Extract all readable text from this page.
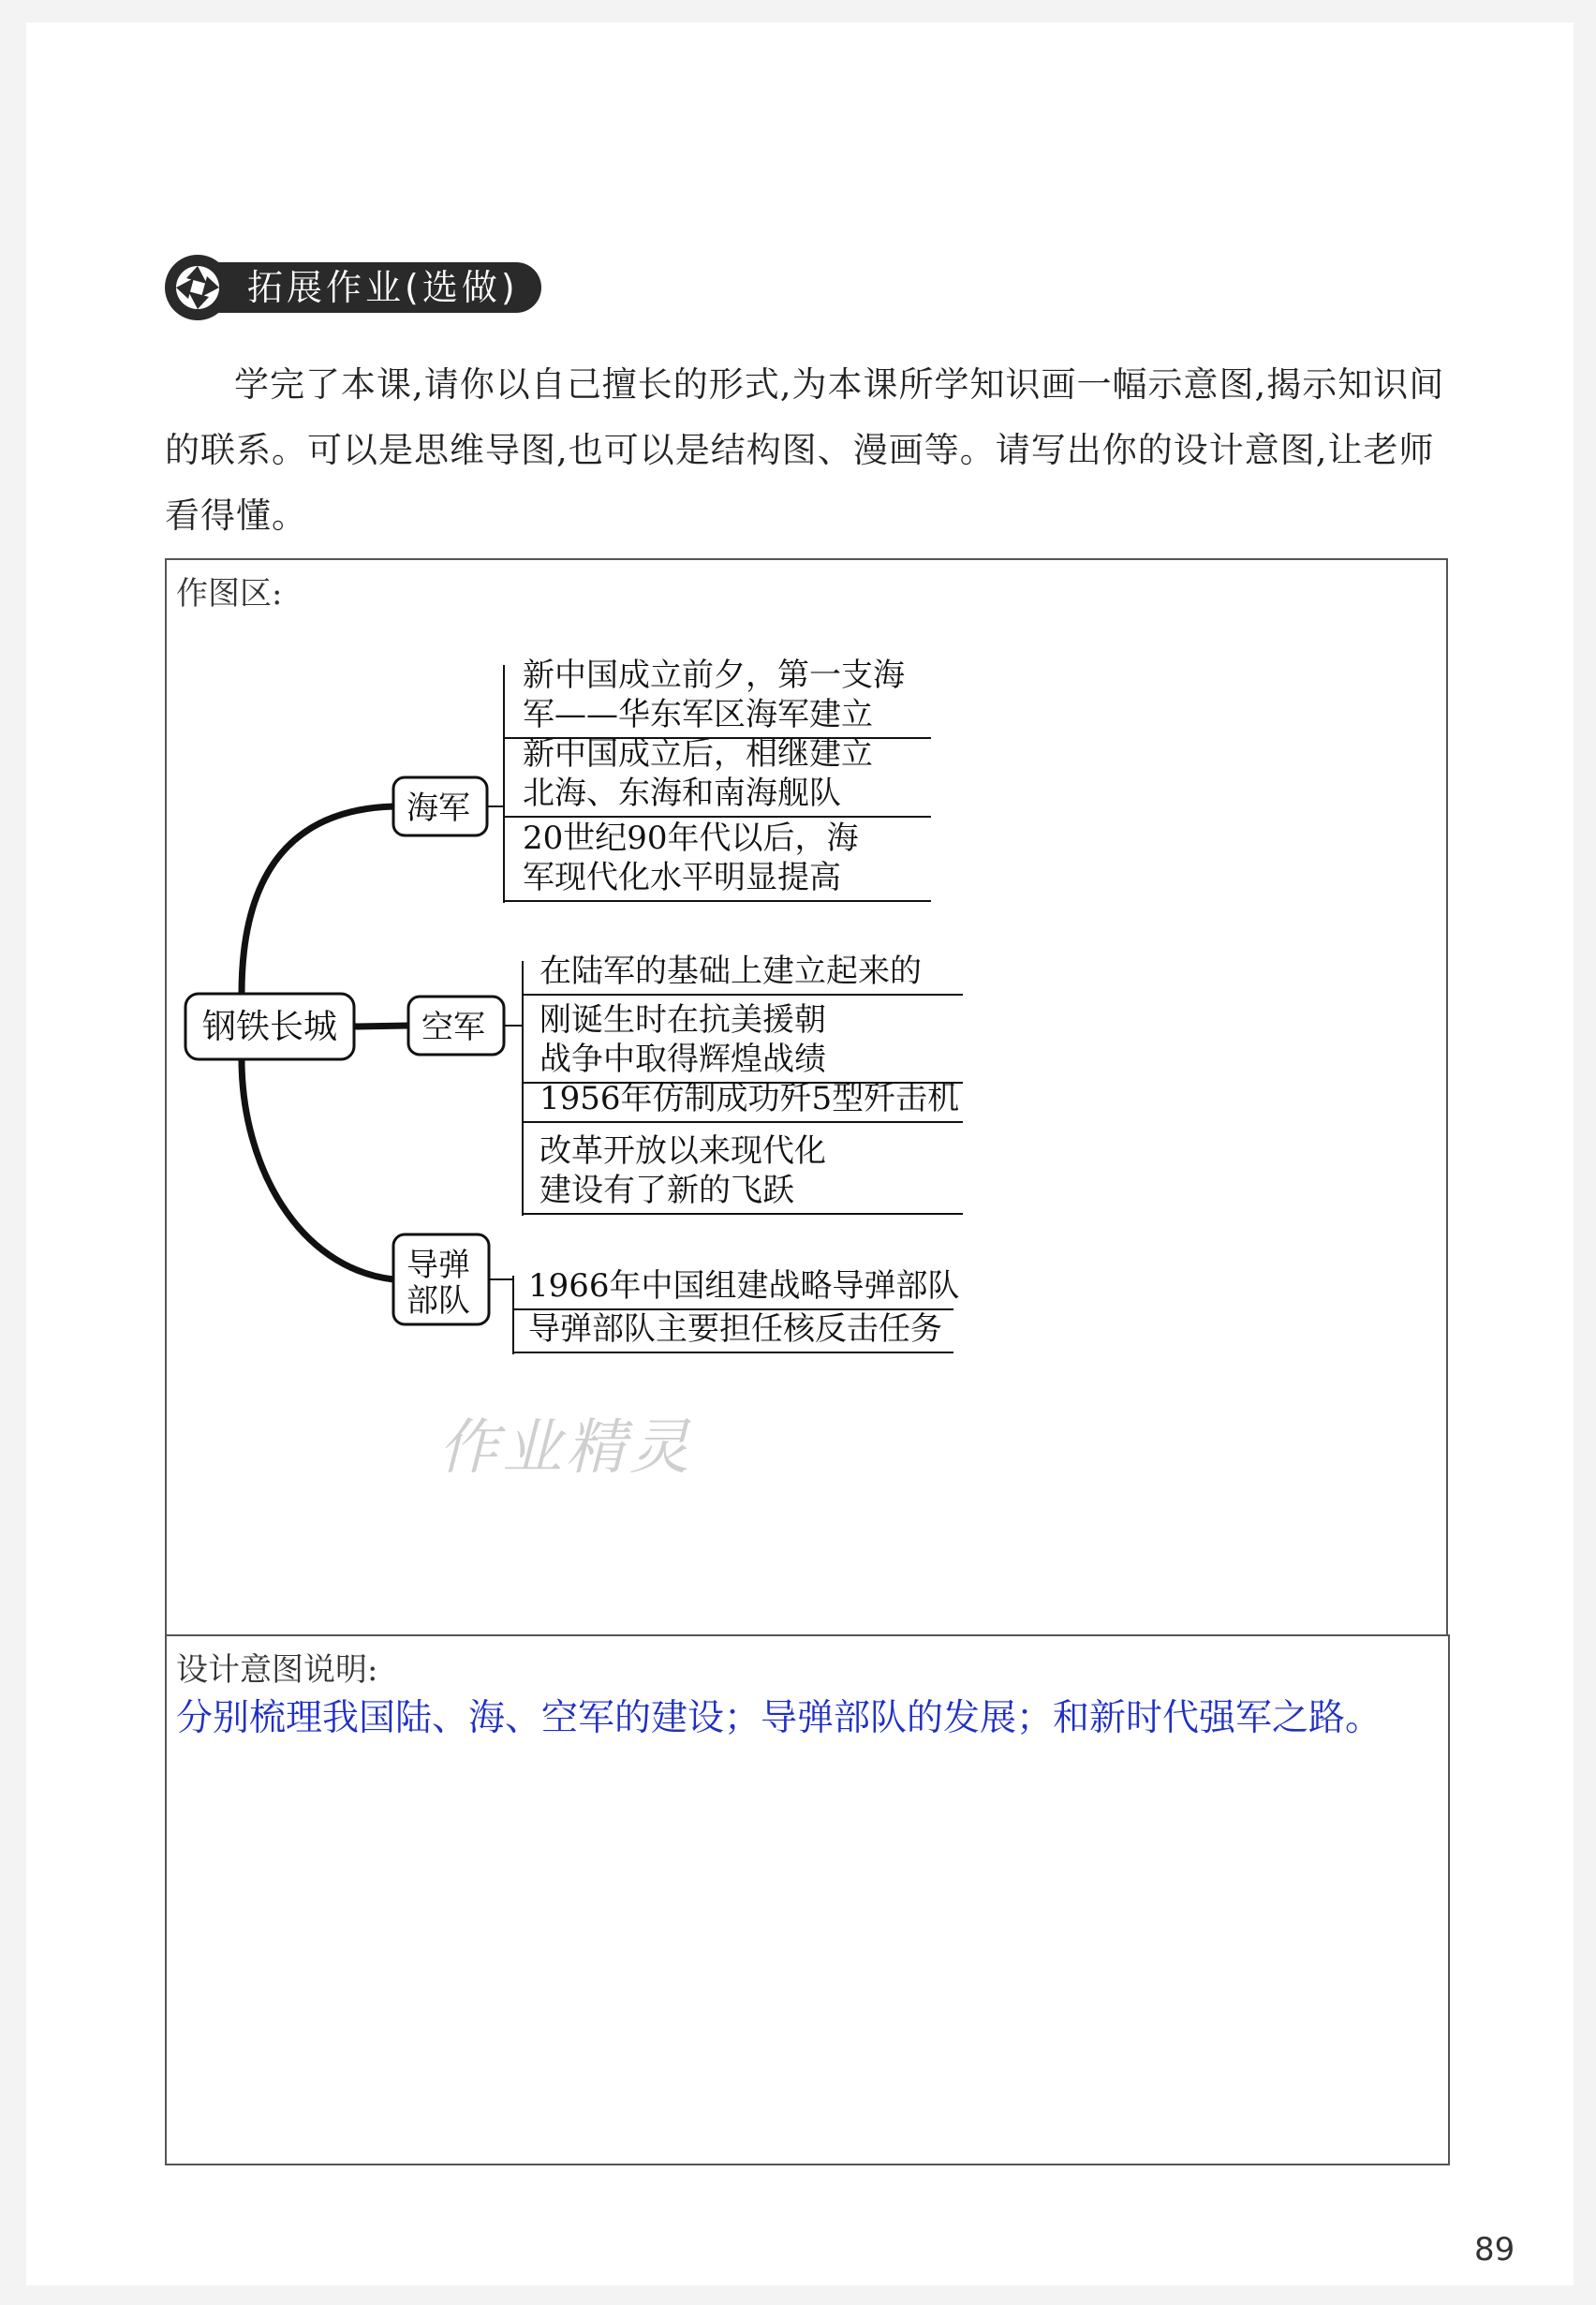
拓展作业(选做)

学完了本课,请你以自己擅长的形式,为本课所学知识画一幅示意图,揭示知识间的联系。可以是思维导图,也可以是结构图、漫画等。请写出你的设计意图,让老师看得懂。

作图区:
钢铁长城
海军
新中国成立前夕，第一支海
军——华东军区海军建立
新中国成立后，相继建立
北海、东海和南海舰队
20世纪90年代以后，海
军现代化水平明显提高
空军
在陆军的基础上建立起来的
刚诞生时在抗美援朝
战争中取得辉煌战绩
1956年仿制成功歼5型歼击机
改革开放以来现代化
建设有了新的飞跃
导弹
部队 1966年中国组建战略导弹部队
导弹部队主要担任核反击任务
作业精灵
设计意图说明:
分别梳理我国陆、海、空军的建设；导弹部队的发展；和新时代强军之路。
89
